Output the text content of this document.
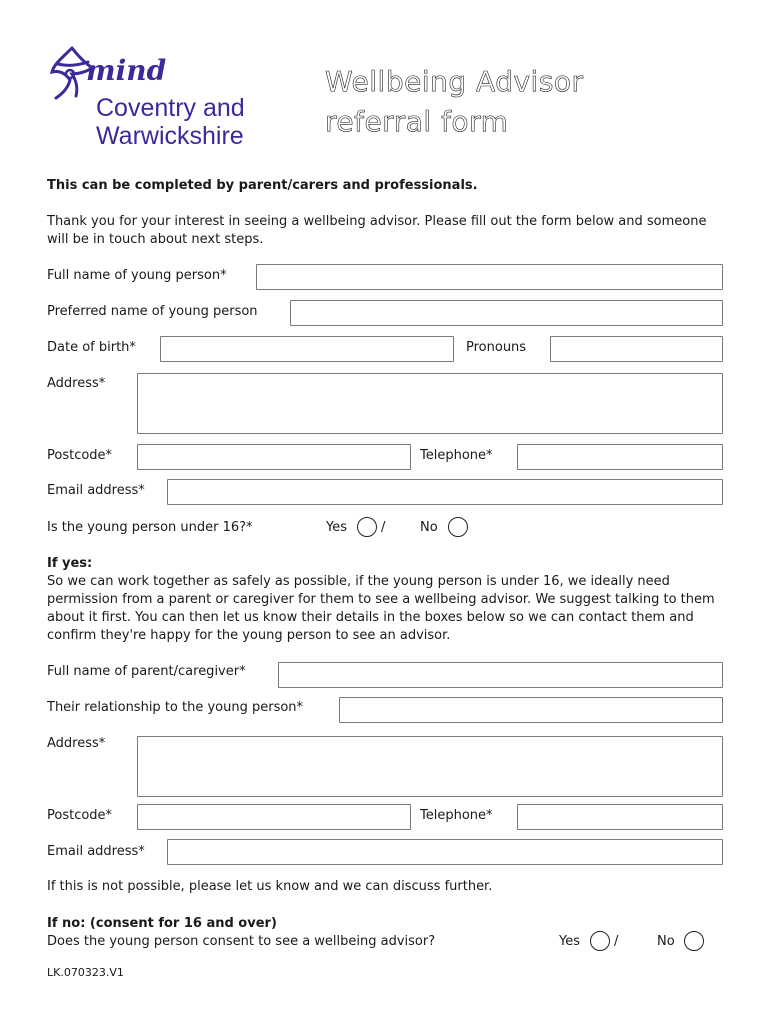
mind
Coventry and
Warwickshire
Wellbeing Advisor
referral form
This can be completed by parent/carers and professionals.
Thank you for your interest in seeing a wellbeing advisor. Please fill out the form below and someone will be in touch about next steps.
Full name of young person*
Preferred name of young person
Date of birth*	Pronouns
Address*
Postcode*	Telephone*
Email address*
Is the young person under 16?*	Yes	/	No
If yes:
So we can work together as safely as possible, if the young person is under 16, we ideally need permission from a parent or caregiver for them to see a wellbeing advisor. We suggest talking to them about it first. You can then let us know their details in the boxes below so we can contact them and confirm they're happy for the young person to see an advisor.
Full name of parent/caregiver*
Their relationship to the young person*
Address*
Postcode*	Telephone*
Email address*
If this is not possible, please let us know and we can discuss further.
If no: (consent for 16 and over)
Does the young person consent to see a wellbeing advisor?	Yes	/	No
LK.070323.V1
